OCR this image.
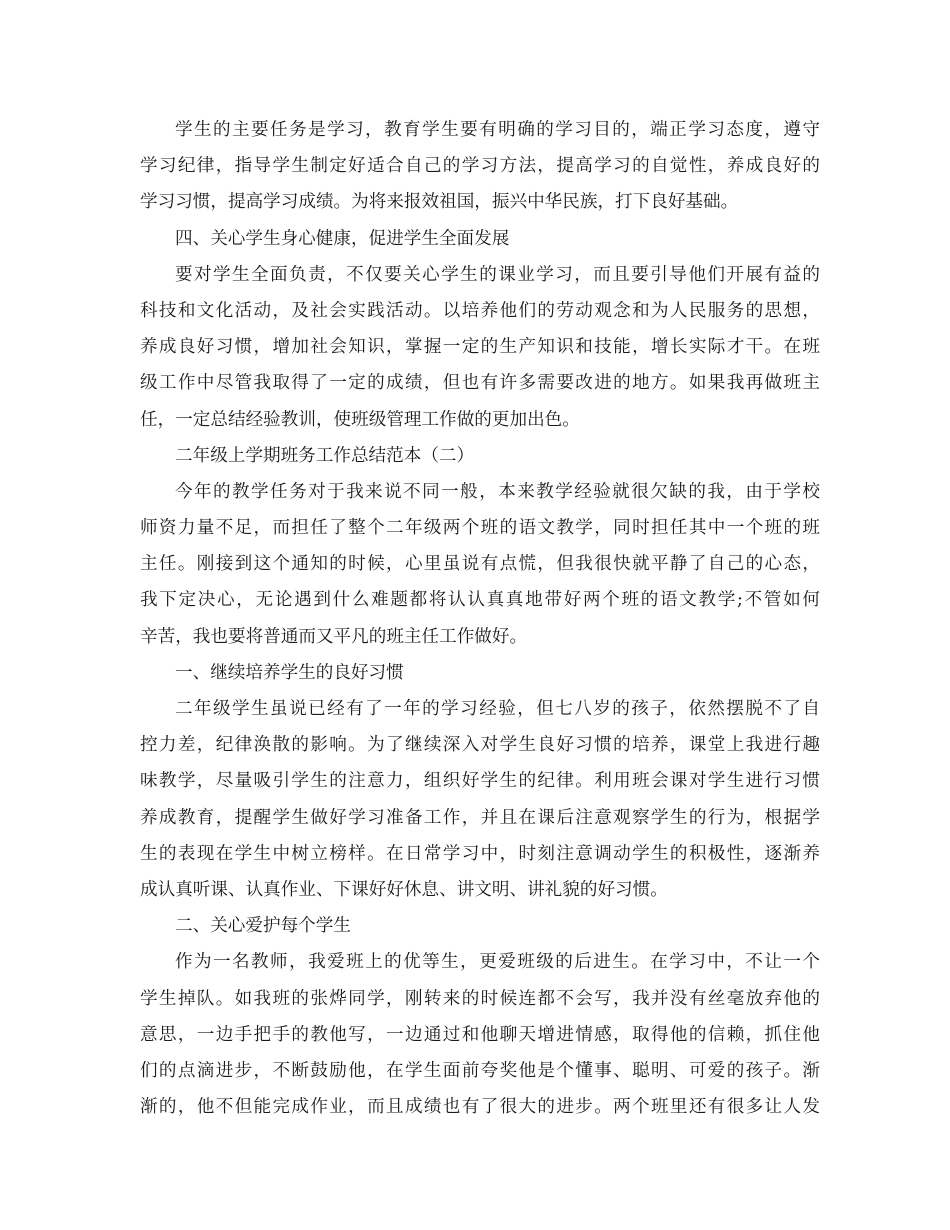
学生的主要任务是学习，教育学生要有明确的学习目的，端正学习态度，遵守
学习纪律，指导学生制定好适合自己的学习方法，提高学习的自觉性，养成良好的
学习习惯，提高学习成绩。为将来报效祖国，振兴中华民族，打下良好基础。
四、关心学生身心健康，促进学生全面发展
要对学生全面负责，不仅要关心学生的课业学习，而且要引导他们开展有益的
科技和文化活动，及社会实践活动。以培养他们的劳动观念和为人民服务的思想，
养成良好习惯，增加社会知识，掌握一定的生产知识和技能，增长实际才干。在班
级工作中尽管我取得了一定的成绩，但也有许多需要改进的地方。如果我再做班主
任，一定总结经验教训，使班级管理工作做的更加出色。
二年级上学期班务工作总结范本（二）
今年的教学任务对于我来说不同一般，本来教学经验就很欠缺的我，由于学校
师资力量不足，而担任了整个二年级两个班的语文教学，同时担任其中一个班的班
主任。刚接到这个通知的时候，心里虽说有点慌，但我很快就平静了自己的心态，
我下定决心，无论遇到什么难题都将认认真真地带好两个班的语文教学;不管如何
辛苦，我也要将普通而又平凡的班主任工作做好。
一、继续培养学生的良好习惯
二年级学生虽说已经有了一年的学习经验，但七八岁的孩子，依然摆脱不了自
控力差，纪律涣散的影响。为了继续深入对学生良好习惯的培养，课堂上我进行趣
味教学，尽量吸引学生的注意力，组织好学生的纪律。利用班会课对学生进行习惯
养成教育，提醒学生做好学习准备工作，并且在课后注意观察学生的行为，根据学
生的表现在学生中树立榜样。在日常学习中，时刻注意调动学生的积极性，逐渐养
成认真听课、认真作业、下课好好休息、讲文明、讲礼貌的好习惯。
二、关心爱护每个学生
作为一名教师，我爱班上的优等生，更爱班级的后进生。在学习中，不让一个
学生掉队。如我班的张烨同学，刚转来的时候连都不会写，我并没有丝毫放弃他的
意思，一边手把手的教他写，一边通过和他聊天增进情感，取得他的信赖，抓住他
们的点滴进步，不断鼓励他，在学生面前夸奖他是个懂事、聪明、可爱的孩子。渐
渐的，他不但能完成作业，而且成绩也有了很大的进步。两个班里还有很多让人发
